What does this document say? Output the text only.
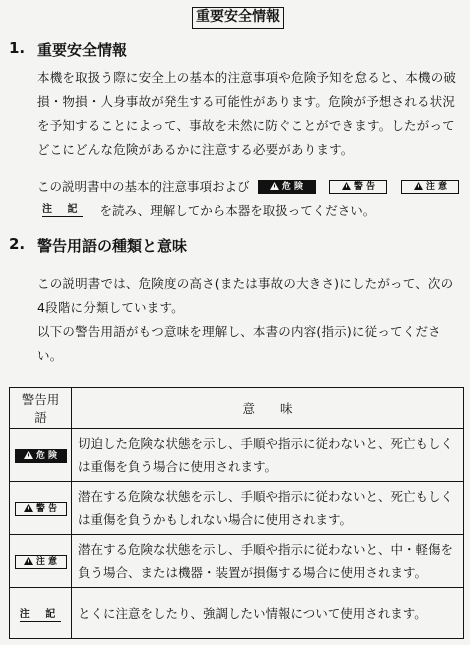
重要安全情報
1. 重要安全情報
本機を取扱う際に安全上の基本的注意事項や危険予知を怠ると、本機の破損・物損・人身事故が発生する可能性があります。危険が予想される状況を予知することによって、事故を未然に防ぐことができます。したがってどこにどんな危険があるかに注意する必要があります。
この説明書中の基本的注意事項および	危 険	警 告	注 意
注 記 を読み、理解してから本器を取扱ってください。
2. 警告用語の種類と意味
この説明書では、危険度の高さ(または事故の大きさ)にしたがって、次の4段階に分類しています。
以下の警告用語がもつ意味を理解し、本書の内容(指示)に従ってください。
警告用語	意　　味
危 険	切迫した危険な状態を示し、手順や指示に従わないと、死亡もしくは重傷を負う場合に使用されます。
警 告	潜在する危険な状態を示し、手順や指示に従わないと、死亡もしくは重傷を負うかもしれない場合に使用されます。
注 意	潜在する危険な状態を示し、手順や指示に従わないと、中・軽傷を負う場合、または機器・装置が損傷する場合に使用されます。
注 記	とくに注意をしたり、強調したい情報について使用されます。
